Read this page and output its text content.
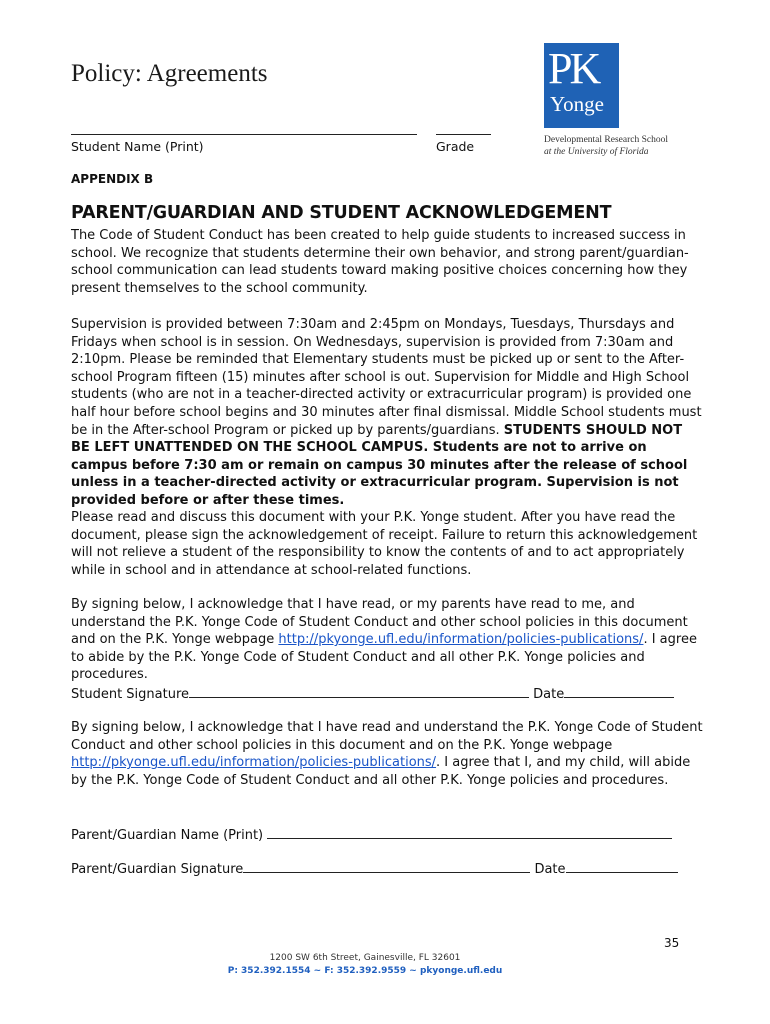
Policy: Agreements
Student Name (Print)	Grade
PK
Yonge
Developmental Research School
at the University of Florida
APPENDIX B
PARENT/GUARDIAN AND STUDENT ACKNOWLEDGEMENT

The Code of Student Conduct has been created to help guide students to increased success in school. We recognize that students determine their own behavior, and strong parent/guardian-school communication can lead students toward making positive choices concerning how they present themselves to the school community.

Supervision is provided between 7:30am and 2:45pm on Mondays, Tuesdays, Thursdays and Fridays when school is in session. On Wednesdays, supervision is provided from 7:30am and 2:10pm. Please be reminded that Elementary students must be picked up or sent to the After-school Program fifteen (15) minutes after school is out. Supervision for Middle and High School students (who are not in a teacher-directed activity or extracurricular program) is provided one half hour before school begins and 30 minutes after final dismissal. Middle School students must be in the After-school Program or picked up by parents/guardians. STUDENTS SHOULD NOT BE LEFT UNATTENDED ON THE SCHOOL CAMPUS. Students are not to arrive on campus before 7:30 am or remain on campus 30 minutes after the release of school unless in a teacher-directed activity or extracurricular program. Supervision is not provided before or after these times.

Please read and discuss this document with your P.K. Yonge student. After you have read the document, please sign the acknowledgement of receipt. Failure to return this acknowledgement will not relieve a student of the responsibility to know the contents of and to act appropriately while in school and in attendance at school-related functions.

By signing below, I acknowledge that I have read, or my parents have read to me, and understand the P.K. Yonge Code of Student Conduct and other school policies in this document and on the P.K. Yonge webpage http://pkyonge.ufl.edu/information/policies-publications/. I agree to abide by the P.K. Yonge Code of Student Conduct and all other P.K. Yonge policies and procedures.

Student Signature	Date

By signing below, I acknowledge that I have read and understand the P.K. Yonge Code of Student Conduct and other school policies in this document and on the P.K. Yonge webpage http://pkyonge.ufl.edu/information/policies-publications/. I agree that I, and my child, will abide by the P.K. Yonge Code of Student Conduct and all other P.K. Yonge policies and procedures.

Parent/Guardian Name (Print)
Parent/Guardian Signature	Date
35
1200 SW 6th Street, Gainesville, FL 32601
P: 352.392.1554 ~ F: 352.392.9559 ~ pkyonge.ufl.edu
